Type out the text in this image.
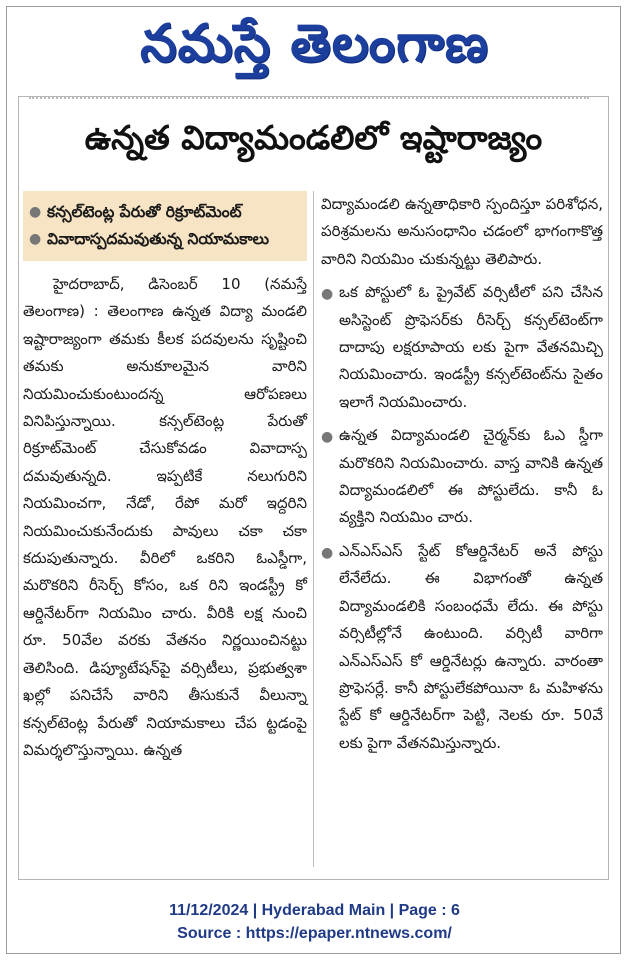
నమస్తే తెలంగాణ
ఉన్నత విద్యామండలిలో ఇష్టారాజ్యం
● కన్సల్‌టెంట్ల పేరుతో రిక్రూట్‌మెంట్
● వివాదాస్పదమవుతున్న నియామకాలు

హైదరాబాద్, డిసెంబర్ 10 (నమస్తే తెలంగాణ) : తెలంగాణ ఉన్నత విద్యా మండలి ఇష్టారాజ్యంగా తమకు కీలక పదవులను సృష్టించి తమకు అనుకూలమైన వారిని నియమించుకుంటుందన్న ఆరోపణలు వినిపిస్తున్నాయి. కన్సల్‌టెంట్ల పేరుతో రిక్రూట్‌మెంట్ చేసుకోవడం వివాదాస్ప దమవుతున్నది. ఇప్పటికే నలుగురిని నియమించగా, నేడో, రేపో మరో ఇద్దరిని నియమించుకునేందుకు పావులు చకా చకా కదుపుతున్నారు. వీరిలో ఒకరిని ఓఎస్డీగా, మరొకరిని రీసెర్చ్ కోసం, ఒక రిని ఇండస్ట్రీ కో ఆర్డినేటర్‌గా నియమిం చారు. వీరికి లక్ష నుంచి రూ. 50వేల వరకు వేతనం నిర్ణయించినట్టు తెలిసింది. డిప్యూటేషన్‌పై వర్సిటీలు, ప్రభుత్వశా ఖల్లో పనిచేసే వారిని తీసుకునే వీలున్నా కన్సల్‌టెంట్ల పేరుతో నియామకాలు చేప ట్టడంపై విమర్శలొస్తున్నాయి. ఉన్నత

విద్యామండలి ఉన్నతాధికారి స్పందిస్తూ పరిశోధన, పరిశ్రమలను అనుసంధానిం చడంలో భాగంగాకొత్త వారిని నియమిం చుకున్నట్టు తెలిపారు.

● ఒక పోస్టులో ఓ ప్రైవేట్ వర్సిటీలో పని చేసిన అసిస్టెంట్ ప్రొఫెసర్‌కు రీసెర్చ్ కన్సల్‌టెంట్‌గా దాదాపు లక్షరూపాయ లకు పైగా వేతనమిచ్చి నియమించారు. ఇండస్ట్రీ కన్సల్‌టెంట్‌ను సైతం ఇలాగే నియమించారు.
● ఉన్నత విద్యామండలి చైర్మన్‌కు ఓఎ స్డీగా మరొకరిని నియమించారు. వాస్త వానికి ఉన్నత విద్యామండలిలో ఈ పోస్టులేదు. కానీ ఓ వ్యక్తిని నియమిం చారు.
● ఎన్ఎస్ఎస్ స్టేట్ కోఆర్డినేటర్ అనే పోస్టు లేనేలేదు. ఈ విభాగంతో ఉన్నత విద్యామండలికి సంబంధమే లేదు. ఈ పోస్టు వర్సిటీల్లోనే ఉంటుంది. వర్సిటీ వారిగా ఎన్ఎస్ఎస్ కో ఆర్డినేటర్లు ఉన్నారు. వారంతా ప్రొఫెసర్లే. కానీ పోస్టులేకపోయినా ఓ మహిళను స్టేట్ కో ఆర్డినేటర్‌గా పెట్టి, నెలకు రూ. 50వే లకు పైగా వేతనమిస్తున్నారు.
11/12/2024 | Hyderabad Main | Page : 6
Source : https://epaper.ntnews.com/
